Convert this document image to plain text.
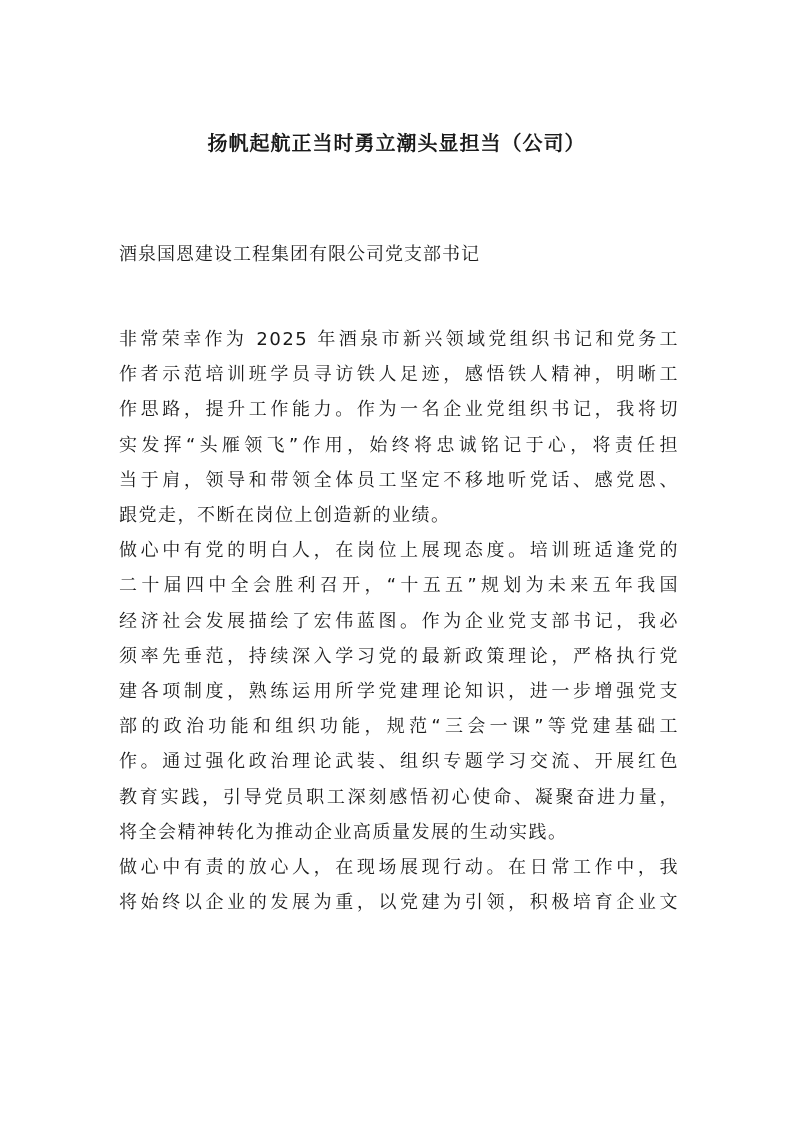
扬帆起航正当时勇立潮头显担当（公司）

酒泉国恩建设工程集团有限公司党支部书记

非常荣幸作为 2025 年酒泉市新兴领域党组织书记和党务工
作者示范培训班学员寻访铁人足迹，感悟铁人精神，明晰工
作思路，提升工作能力。作为一名企业党组织书记，我将切
实发挥“头雁领飞”作用，始终将忠诚铭记于心，将责任担
当于肩，领导和带领全体员工坚定不移地听党话、感党恩、
跟党走，不断在岗位上创造新的业绩。

做心中有党的明白人，在岗位上展现态度。培训班适逢党的
二十届四中全会胜利召开，“十五五”规划为未来五年我国
经济社会发展描绘了宏伟蓝图。作为企业党支部书记，我必
须率先垂范，持续深入学习党的最新政策理论，严格执行党
建各项制度，熟练运用所学党建理论知识，进一步增强党支
部的政治功能和组织功能，规范“三会一课”等党建基础工
作。通过强化政治理论武装、组织专题学习交流、开展红色
教育实践，引导党员职工深刻感悟初心使命、凝聚奋进力量，
将全会精神转化为推动企业高质量发展的生动实践。

做心中有责的放心人，在现场展现行动。在日常工作中，我
将始终以企业的发展为重，以党建为引领，积极培育企业文
